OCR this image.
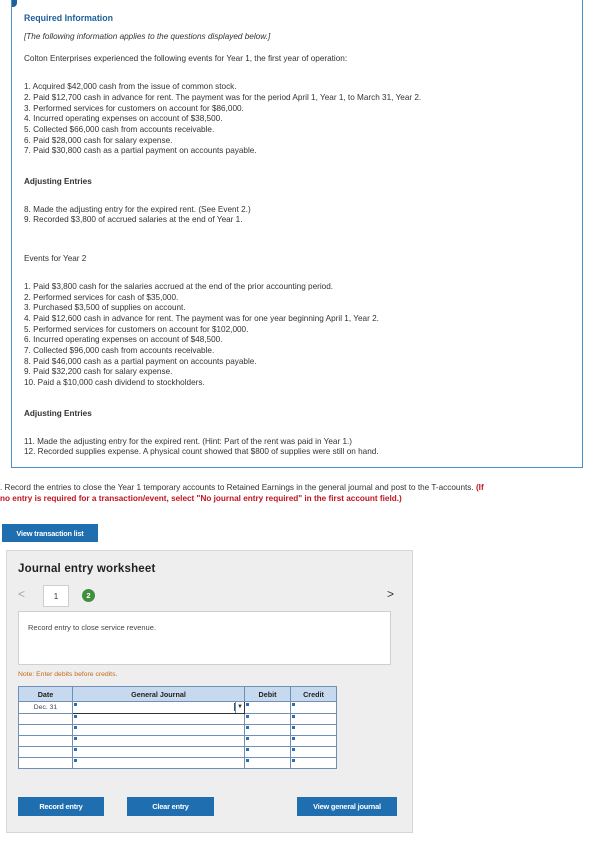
Required Information
[The following information applies to the questions displayed below.]
Colton Enterprises experienced the following events for Year 1, the first year of operation:
1. Acquired $42,000 cash from the issue of common stock.
2. Paid $12,700 cash in advance for rent. The payment was for the period April 1, Year 1, to March 31, Year 2.
3. Performed services for customers on account for $86,000.
4. Incurred operating expenses on account of $38,500.
5. Collected $66,000 cash from accounts receivable.
6. Paid $28,000 cash for salary expense.
7. Paid $30,800 cash as a partial payment on accounts payable.
Adjusting Entries
8. Made the adjusting entry for the expired rent. (See Event 2.)
9. Recorded $3,800 of accrued salaries at the end of Year 1.
Events for Year 2
1. Paid $3,800 cash for the salaries accrued at the end of the prior accounting period.
2. Performed services for cash of $35,000.
3. Purchased $3,500 of supplies on account.
4. Paid $12,600 cash in advance for rent. The payment was for one year beginning April 1, Year 2.
5. Performed services for customers on account for $102,000.
6. Incurred operating expenses on account of $48,500.
7. Collected $96,000 cash from accounts receivable.
8. Paid $46,000 cash as a partial payment on accounts payable.
9. Paid $32,200 cash for salary expense.
10. Paid a $10,000 cash dividend to stockholders.
Adjusting Entries
11. Made the adjusting entry for the expired rent. (Hint: Part of the rent was paid in Year 1.)
12. Recorded supplies expense. A physical count showed that $800 of supplies were still on hand.
. Record the entries to close the Year 1 temporary accounts to Retained Earnings in the general journal and post to the T-accounts. (If
no entry is required for a transaction/event, select "No journal entry required" in the first account field.)
View transaction list
Journal entry worksheet
<	1	2	>
Record entry to close service revenue.
Note: Enter debits before credits.
Date	General Journal	Debit	Credit

Dec. 31	▼		

Record entry	Clear entry	View general journal
